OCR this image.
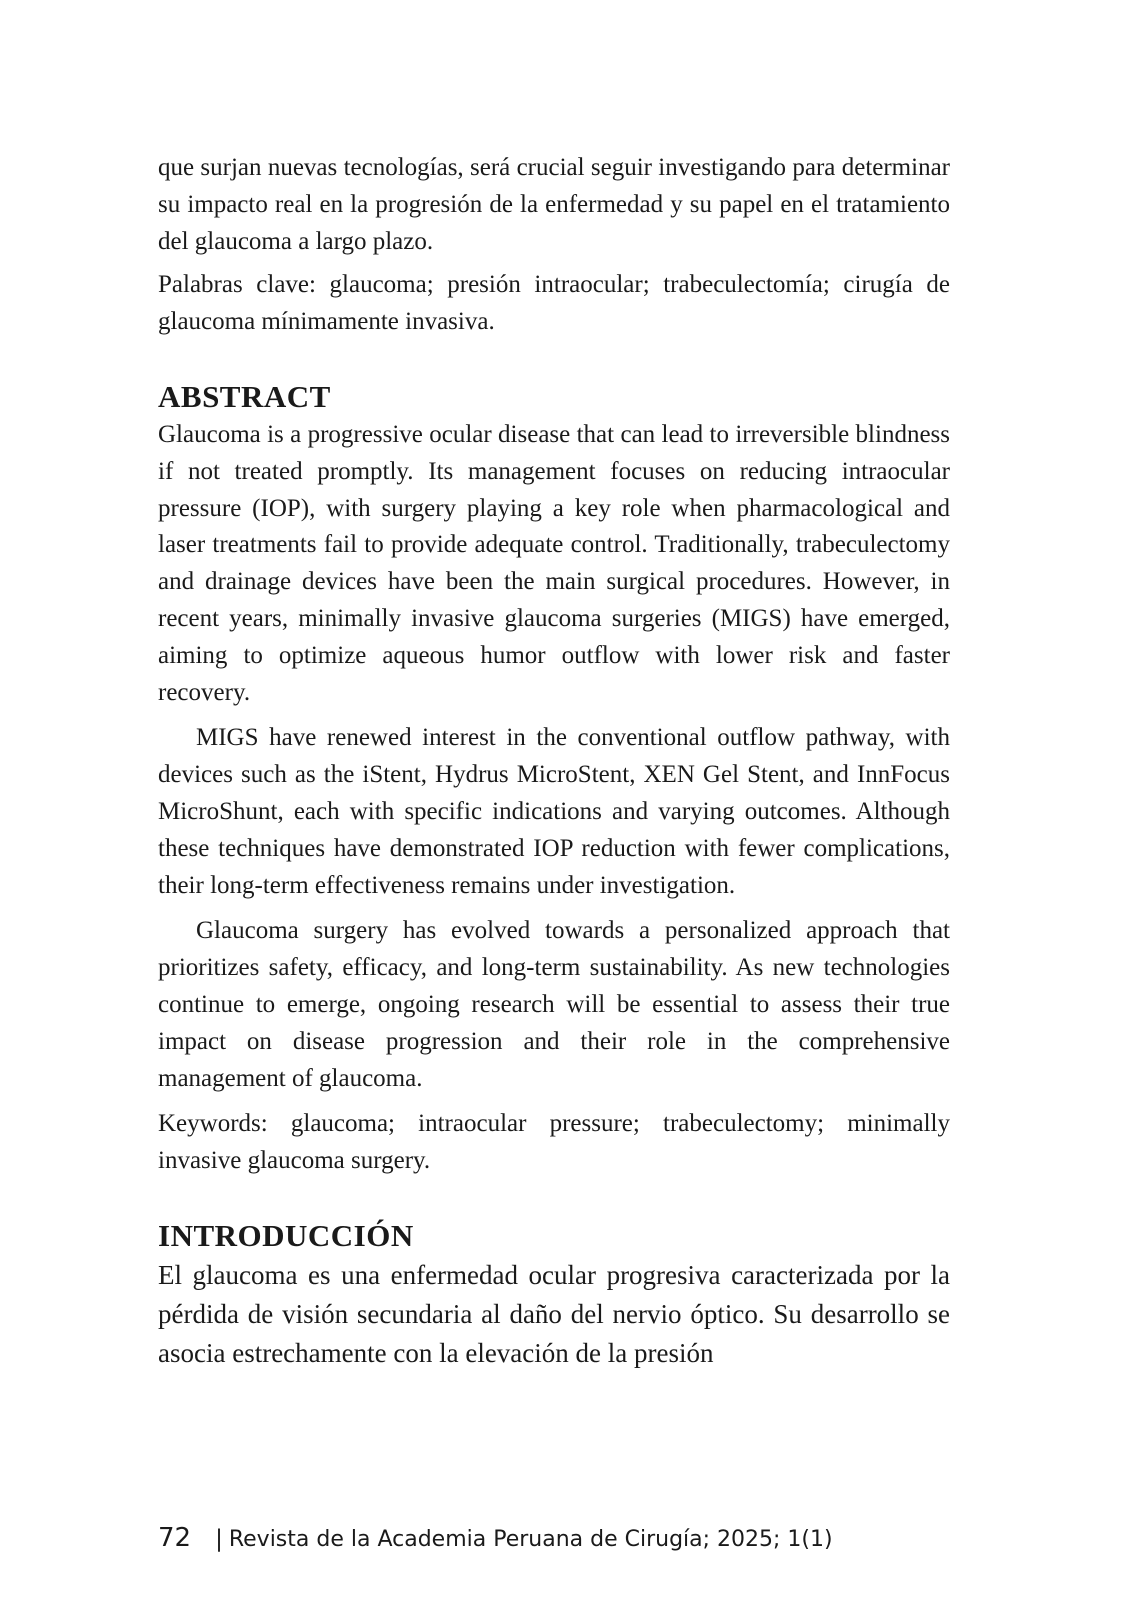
que surjan nuevas tecnologías, será crucial seguir investigando para determinar su impacto real en la progresión de la enfermedad y su papel en el tratamiento del glaucoma a largo plazo.

Palabras clave: glaucoma; presión intraocular; trabeculectomía; cirugía de glaucoma mínimamente invasiva.

ABSTRACT

Glaucoma is a progressive ocular disease that can lead to irreversible blindness if not treated promptly. Its management focuses on reducing intraocular pressure (IOP), with surgery playing a key role when pharmacological and laser treatments fail to provide adequate control. Traditionally, trabeculectomy and drainage devices have been the main surgical procedures. However, in recent years, minimally invasive glaucoma surgeries (MIGS) have emerged, aiming to optimize aqueous humor outflow with lower risk and faster recovery.

MIGS have renewed interest in the conventional outflow pathway, with devices such as the iStent, Hydrus MicroStent, XEN Gel Stent, and InnFocus MicroShunt, each with specific indications and varying outcomes. Although these techniques have demonstrated IOP reduction with fewer complications, their long-term effectiveness remains under investigation.

Glaucoma surgery has evolved towards a personalized approach that prioritizes safety, efficacy, and long-term sustainability. As new technologies continue to emerge, ongoing research will be essential to assess their true impact on disease progression and their role in the comprehensive management of glaucoma.

Keywords: glaucoma; intraocular pressure; trabeculectomy; minimally invasive glaucoma surgery.

INTRODUCCIÓN

El glaucoma es una enfermedad ocular progresiva caracterizada por la pérdida de visión secundaria al daño del nervio óptico. Su desarrollo se asocia estrechamente con la elevación de la presión

72 | Revista de la Academia Peruana de Cirugía; 2025; 1(1)
